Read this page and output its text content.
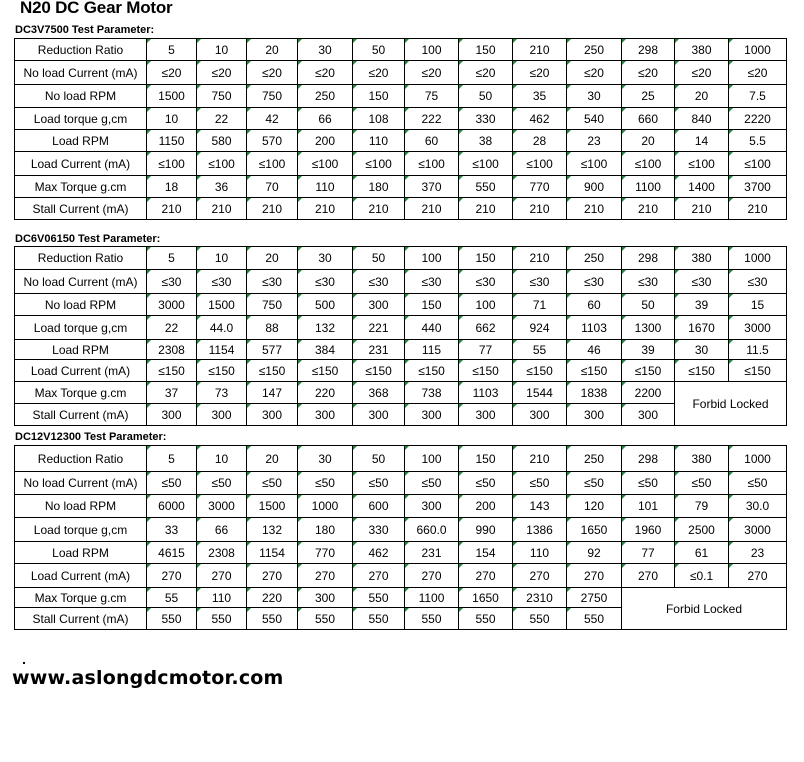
N20 DC Gear Motor
DC3V7500 Test Parameter:
Reduction Ratio	5	10	20	30	50	100	150	210	250	298	380	1000
No load Current (mA)	≤20	≤20	≤20	≤20	≤20	≤20	≤20	≤20	≤20	≤20	≤20	≤20
No load RPM	1500	750	750	250	150	75	50	35	30	25	20	7.5
Load torque g,cm	10	22	42	66	108	222	330	462	540	660	840	2220
Load RPM	1150	580	570	200	110	60	38	28	23	20	14	5.5
Load Current (mA)	≤100	≤100	≤100	≤100	≤100	≤100	≤100	≤100	≤100	≤100	≤100	≤100
Max Torque g.cm	18	36	70	110	180	370	550	770	900	1100	1400	3700
Stall Current (mA)	210	210	210	210	210	210	210	210	210	210	210	210
DC6V06150 Test Parameter:
Reduction Ratio	5	10	20	30	50	100	150	210	250	298	380	1000
No load Current (mA)	≤30	≤30	≤30	≤30	≤30	≤30	≤30	≤30	≤30	≤30	≤30	≤30
No load RPM	3000	1500	750	500	300	150	100	71	60	50	39	15
Load torque g,cm	22	44.0	88	132	221	440	662	924	1103	1300	1670	3000
Load RPM	2308	1154	577	384	231	115	77	55	46	39	30	11.5
Load Current (mA)	≤150	≤150	≤150	≤150	≤150	≤150	≤150	≤150	≤150	≤150	≤150	≤150
Max Torque g.cm	37	73	147	220	368	738	1103	1544	1838	2200	Forbid Locked	
Stall Current (mA)	300	300	300	300	300	300	300	300	300	300		
DC12V12300 Test Parameter:
Reduction Ratio	5	10	20	30	50	100	150	210	250	298	380	1000
No load Current (mA)	≤50	≤50	≤50	≤50	≤50	≤50	≤50	≤50	≤50	≤50	≤50	≤50
No load RPM	6000	3000	1500	1000	600	300	200	143	120	101	79	30.0
Load torque g,cm	33	66	132	180	330	660.0	990	1386	1650	1960	2500	3000
Load RPM	4615	2308	1154	770	462	231	154	110	92	77	61	23
Load Current (mA)	270	270	270	270	270	270	270	270	270	270	≤0.1	270
Max Torque g.cm	55	110	220	300	550	1100	1650	2310	2750	Forbid Locked		
Stall Current (mA)	550	550	550	550	550	550	550	550	550			
www.aslongdcmotor.com
